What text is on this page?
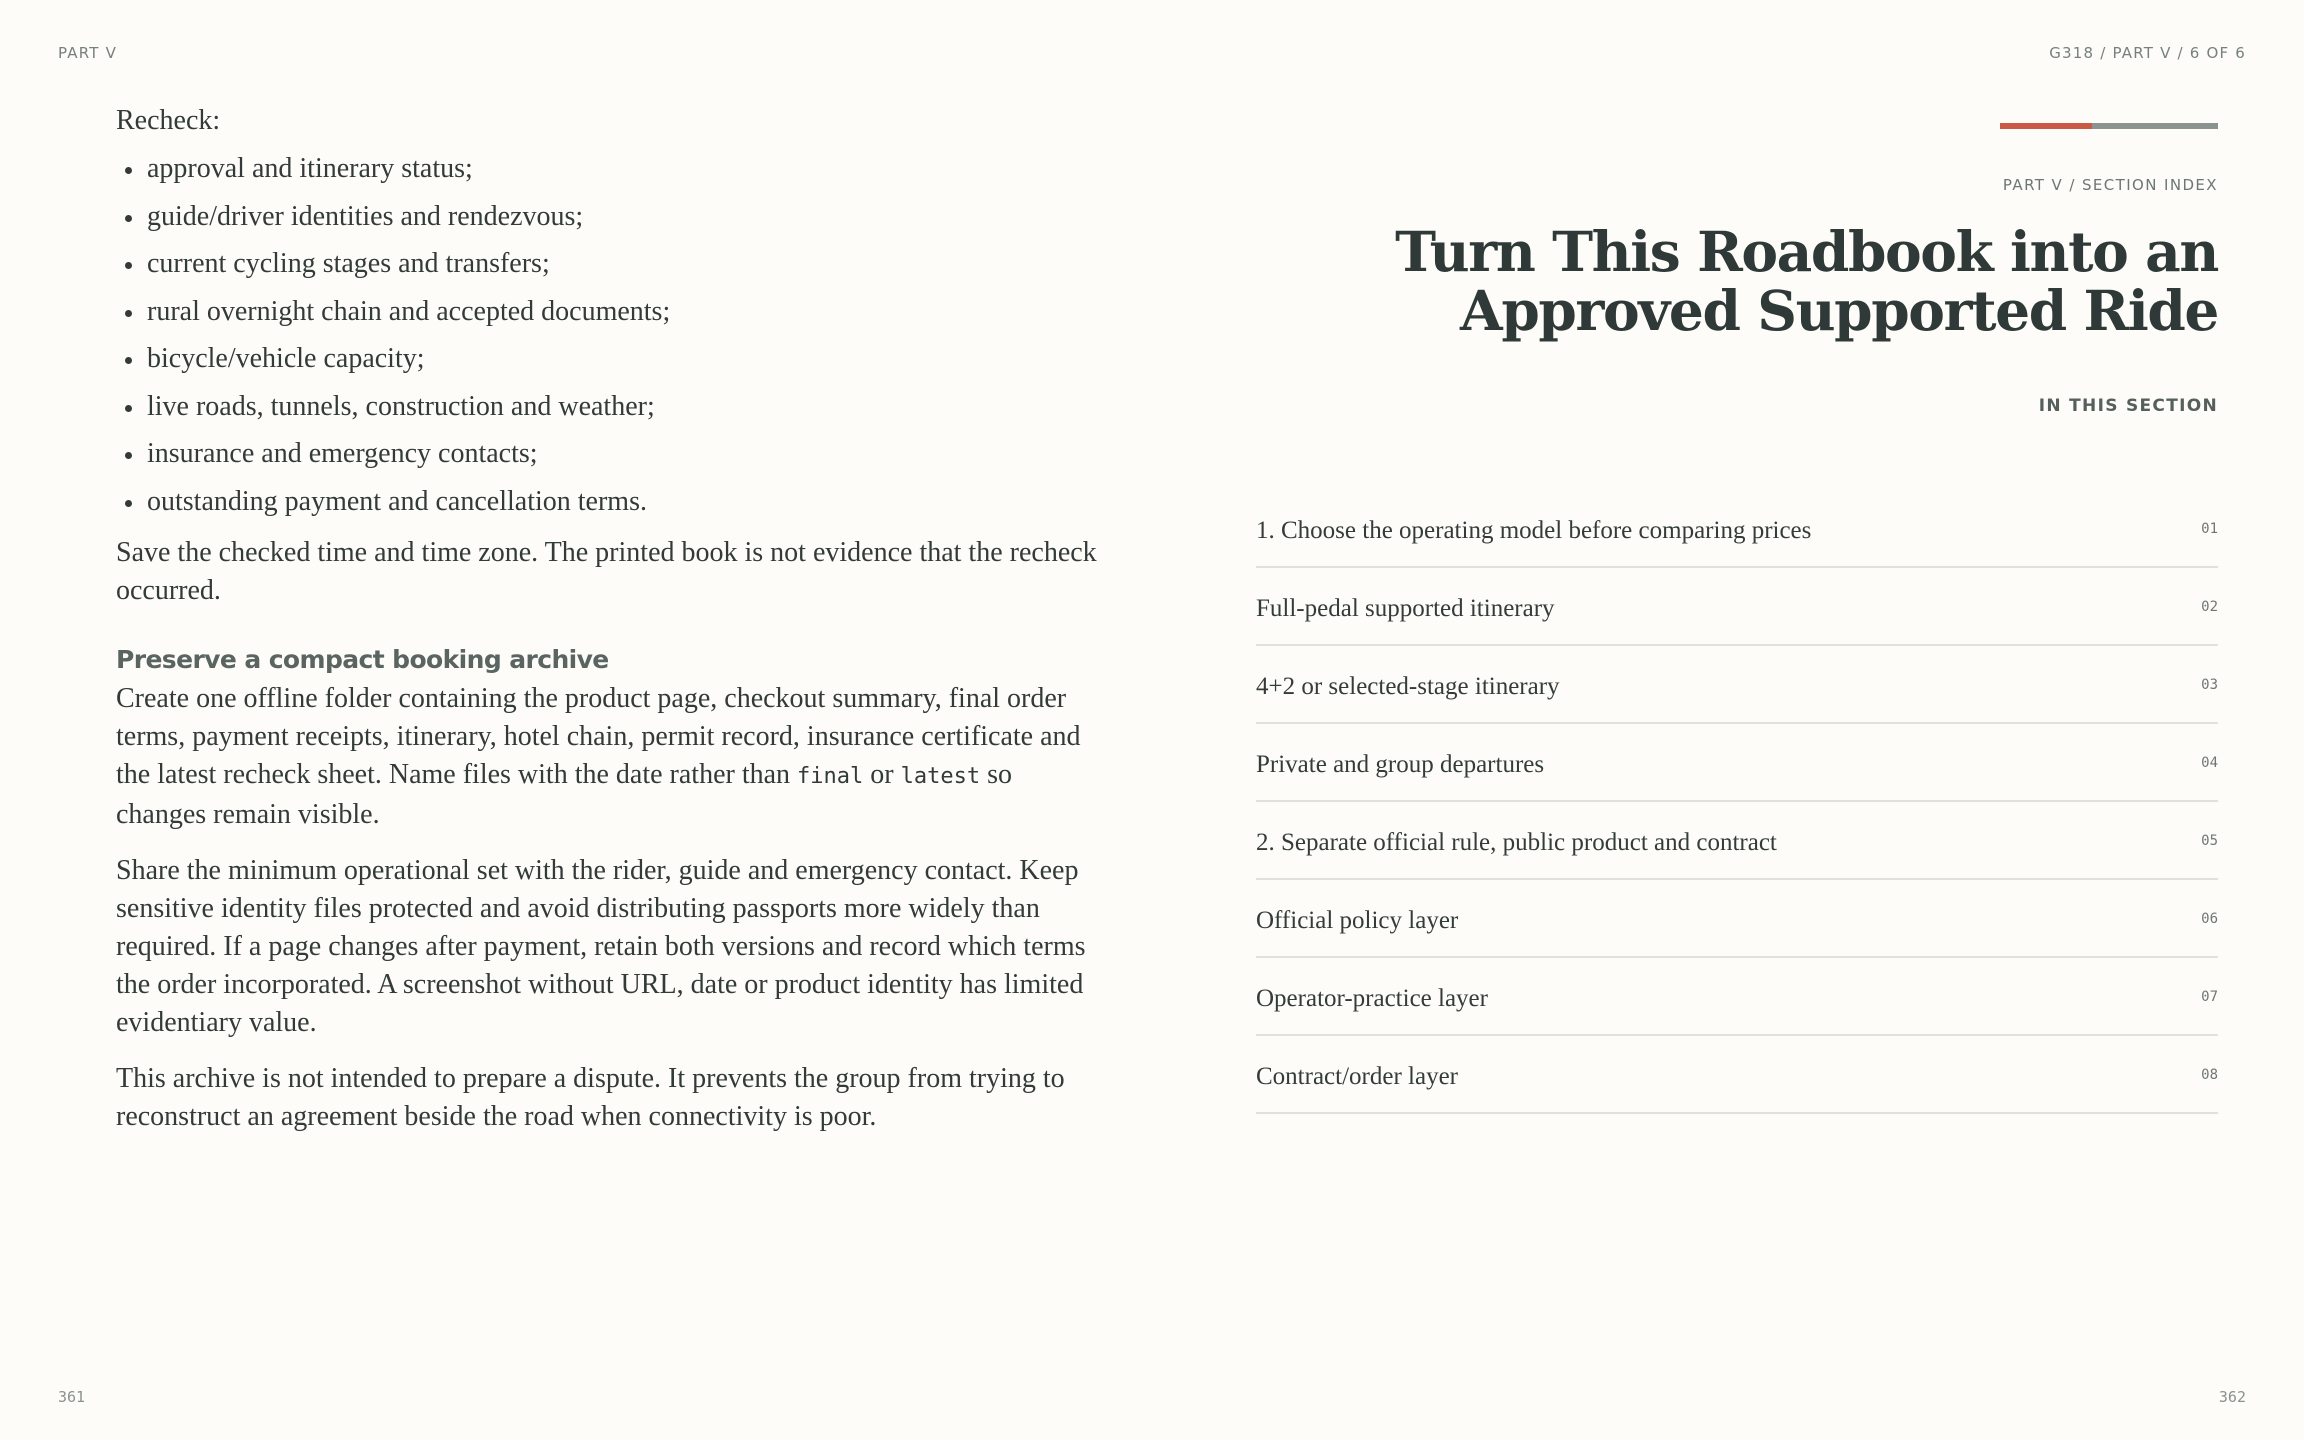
PART V	G318 / PART V / 6 OF 6

Recheck:

approval and itinerary status;
guide/driver identities and rendezvous;
current cycling stages and transfers;
rural overnight chain and accepted documents;
bicycle/vehicle capacity;
live roads, tunnels, construction and weather;
insurance and emergency contacts;
outstanding payment and cancellation terms.

Save the checked time and time zone. The printed book is not evidence that the recheck occurred.

Preserve a compact booking archive

Create one offline folder containing the product page, checkout summary, final order terms, payment receipts, itinerary, hotel chain, permit record, insurance certificate and the latest recheck sheet. Name files with the date rather than final or latest so changes remain visible.

Share the minimum operational set with the rider, guide and emergency contact. Keep sensitive identity files protected and avoid distributing passports more widely than required. If a page changes after payment, retain both versions and record which terms the order incorporated. A screenshot without URL, date or product identity has limited evidentiary value.

This archive is not intended to prepare a dispute. It prevents the group from trying to reconstruct an agreement beside the road when connectivity is poor.

PART V / SECTION INDEX
Turn This Roadbook into an
Approved Supported Ride
IN THIS SECTION
1. Choose the operating model before comparing prices	01
Full-pedal supported itinerary	02
4+2 or selected-stage itinerary	03
Private and group departures	04
2. Separate official rule, public product and contract	05
Official policy layer	06
Operator-practice layer	07
Contract/order layer	08
361	362
